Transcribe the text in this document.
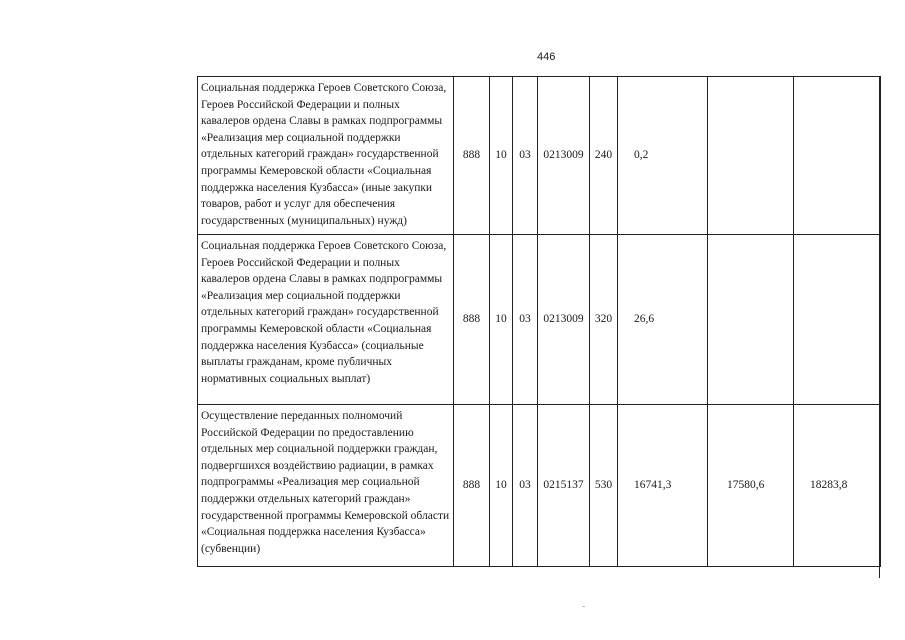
446
Социальная поддержка Героев Советского Союза, Героев Российской Федерации и полных кавалеров ордена Славы в рамках подпрограммы «Реализация мер социальной поддержки отдельных категорий граждан» государственной программы Кемеровской области «Социальная поддержка населения Кузбасса» (иные закупки товаров, работ и услуг для обеспечения государственных (муниципальных) нужд)	888	10	03	0213009	240	0,2		
Социальная поддержка Героев Советского Союза, Героев Российской Федерации и полных кавалеров ордена Славы в рамках подпрограммы «Реализация мер социальной поддержки отдельных категорий граждан» государственной программы Кемеровской области «Социальная поддержка населения Кузбасса» (социальные выплаты гражданам, кроме публичных нормативных социальных выплат)	888	10	03	0213009	320	26,6		
Осуществление переданных полномочий Российской Федерации по предоставлению отдельных мер социальной поддержки граждан, подвергшихся воздействию радиации, в рамках подпрограммы «Реализация мер социальной поддержки отдельных категорий граждан» государственной программы Кемеровской области «Социальная поддержка населения Кузбасса» (субвенции)	888	10	03	0215137	530	16741,3	17580,6	18283,8
